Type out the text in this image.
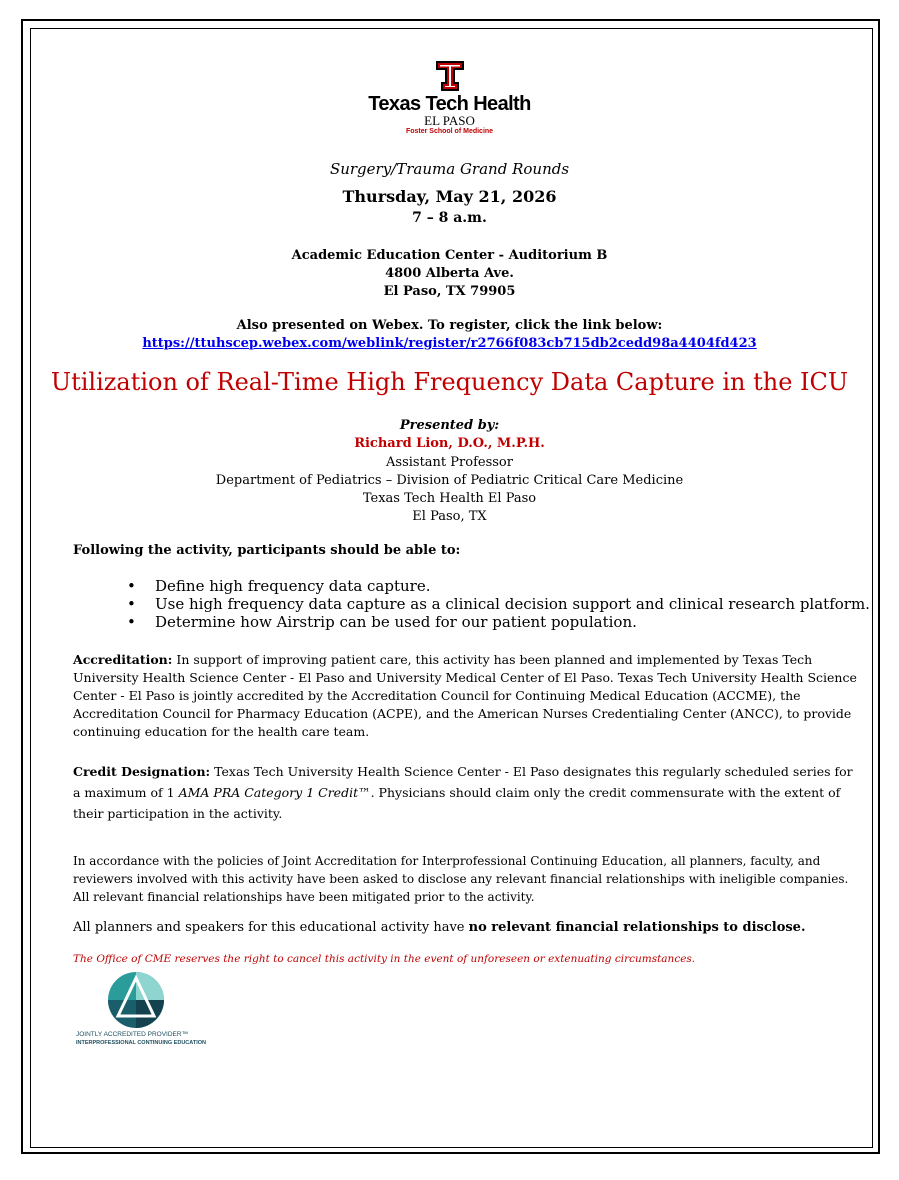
Texas Tech Health
EL PASO
Foster School of Medicine
Surgery/Trauma Grand Rounds
Thursday, May 21, 2026
7 – 8 a.m.
Academic Education Center - Auditorium B
4800 Alberta Ave.
El Paso, TX 79905
Also presented on Webex. To register, click the link below:
https://ttuhscep.webex.com/weblink/register/r2766f083cb715db2cedd98a4404fd423
Utilization of Real-Time High Frequency Data Capture in the ICU
Presented by:
Richard Lion, D.O., M.P.H.
Assistant Professor
Department of Pediatrics – Division of Pediatric Critical Care Medicine
Texas Tech Health El Paso
El Paso, TX
Following the activity, participants should be able to:
• Define high frequency data capture.
• Use high frequency data capture as a clinical decision support and clinical research platform.
• Determine how Airstrip can be used for our patient population.
Accreditation: In support of improving patient care, this activity has been planned and implemented by Texas Tech University Health Science Center - El Paso and University Medical Center of El Paso. Texas Tech University Health Science Center - El Paso is jointly accredited by the Accreditation Council for Continuing Medical Education (ACCME), the Accreditation Council for Pharmacy Education (ACPE), and the American Nurses Credentialing Center (ANCC), to provide continuing education for the health care team.
Credit Designation: Texas Tech University Health Science Center - El Paso designates this regularly scheduled series for a maximum of 1 AMA PRA Category 1 Credit™. Physicians should claim only the credit commensurate with the extent of their participation in the activity.
In accordance with the policies of Joint Accreditation for Interprofessional Continuing Education, all planners, faculty, and reviewers involved with this activity have been asked to disclose any relevant financial relationships with ineligible companies. All relevant financial relationships have been mitigated prior to the activity.
All planners and speakers for this educational activity have no relevant financial relationships to disclose.
The Office of CME reserves the right to cancel this activity in the event of unforeseen or extenuating circumstances.
JOINTLY ACCREDITED PROVIDER™
INTERPROFESSIONAL CONTINUING EDUCATION
